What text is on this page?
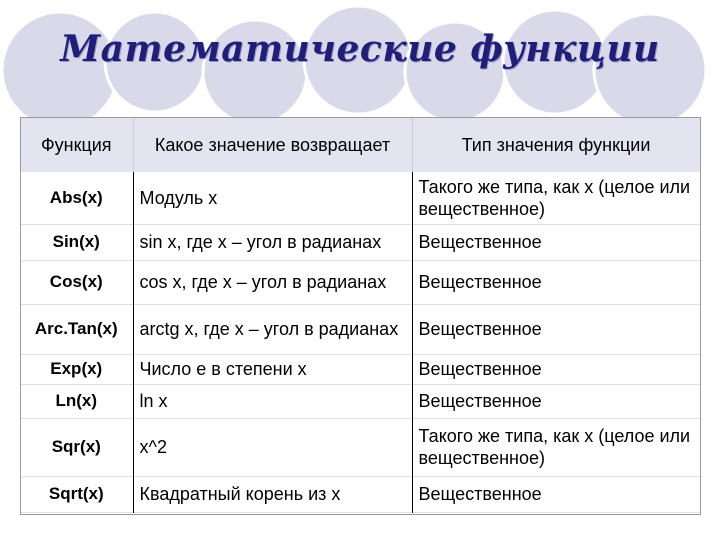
Математические функции
Функция	Какое значение возвращает	Тип значения функции
Abs(x)	Модуль x	Такого же типа, как x (целое или вещественное)
Sin(x)	sin x, где x – угол в радианах	Вещественное
Cos(x)	cos x, где x – угол в радианах	Вещественное
Arc.Tan(x)	arctg x, где x – угол в радианах	Вещественное
Exp(x)	Число e в степени x	Вещественное
Ln(x)	ln x	Вещественное
Sqr(x)	x^2	Такого же типа, как x (целое или вещественное)
Sqrt(x)	Квадратный корень из x	Вещественное
